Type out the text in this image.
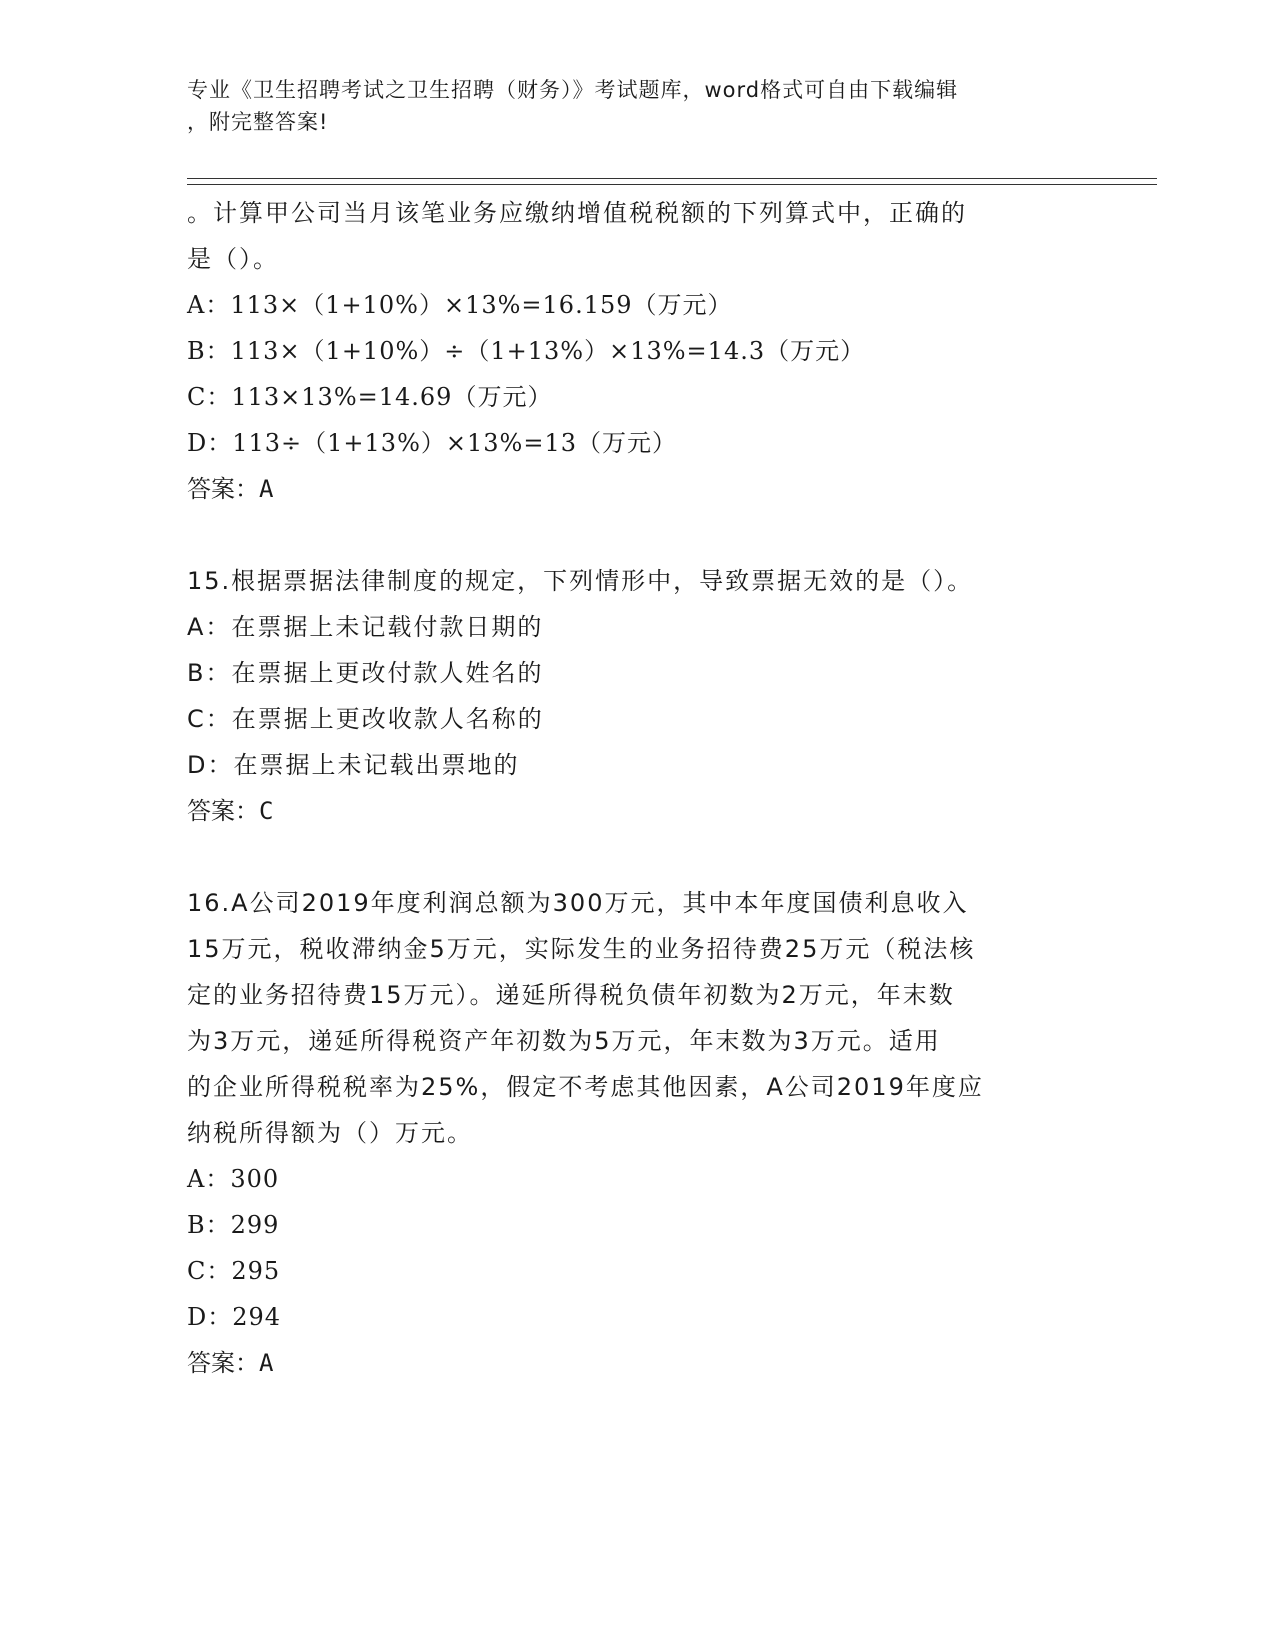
专业《卫生招聘考试之卫生招聘（财务）》考试题库，word格式可自由下载编辑
，附完整答案!
。计算甲公司当月该笔业务应缴纳增值税税额的下列算式中，正确的
是（）。
A：113×（1+10%）×13%=16.159（万元）
B：113×（1+10%）÷（1+13%）×13%=14.3（万元）
C：113×13%=14.69（万元）
D：113÷（1+13%）×13%=13（万元）
答案：A
15.根据票据法律制度的规定，下列情形中，导致票据无效的是（）。
A：在票据上未记载付款日期的
B：在票据上更改付款人姓名的
C：在票据上更改收款人名称的
D：在票据上未记载出票地的
答案：C
16.A公司2019年度利润总额为300万元，其中本年度国债利息收入
15万元，税收滞纳金5万元，实际发生的业务招待费25万元（税法核
定的业务招待费15万元）。递延所得税负债年初数为2万元，年末数
为3万元，递延所得税资产年初数为5万元，年末数为3万元。适用
的企业所得税税率为25%，假定不考虑其他因素，A公司2019年度应
纳税所得额为（）万元。
A：300
B：299
C：295
D：294
答案：A
